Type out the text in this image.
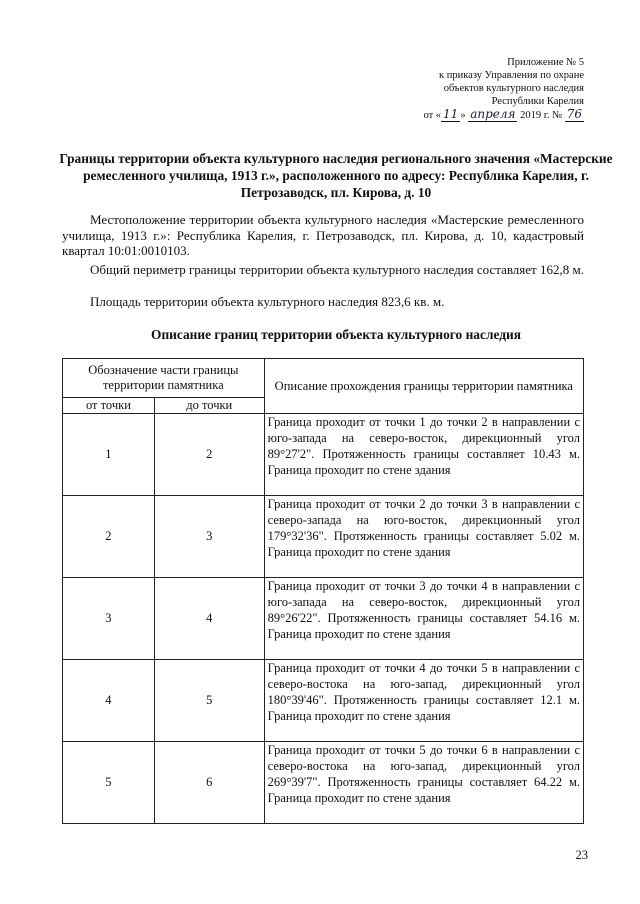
Приложение № 5
к приказу Управления по охране
объектов культурного наследия
Республики Карелия
от « 11 » апреля 2019 г. № 76
Границы территории объекта культурного наследия регионального значения «Мастерские ремесленного училища, 1913 г.», расположенного по адресу: Республика Карелия, г. Петрозаводск, пл. Кирова, д. 10
Местоположение территории объекта культурного наследия «Мастерские ремесленного училища, 1913 г.»: Республика Карелия, г. Петрозаводск, пл. Кирова, д. 10, кадастровый квартал 10:01:0010103.
Общий периметр границы территории объекта культурного наследия составляет 162,8 м.
Площадь территории объекта культурного наследия 823,6 кв. м.
Описание границ территории объекта культурного наследия
Обозначение части границы территории памятника		Описание прохождения границы территории памятника
от точки	до точки	
1	2	Граница проходит от точки 1 до точки 2 в направлении с юго-запада на северо-восток, дирекционный угол 89°27'2". Протяженность границы составляет 10.43 м. Граница проходит по стене здания
2	3	Граница проходит от точки 2 до точки 3 в направлении с северо-запада на юго-восток, дирекционный угол 179°32'36". Протяженность границы составляет 5.02 м. Граница проходит по стене здания
3	4	Граница проходит от точки 3 до точки 4 в направлении с юго-запада на северо-восток, дирекционный угол 89°26'22". Протяженность границы составляет 54.16 м. Граница проходит по стене здания
4	5	Граница проходит от точки 4 до точки 5 в направлении с северо-востока на юго-запад, дирекционный угол 180°39'46". Протяженность границы составляет 12.1 м. Граница проходит по стене здания
5	6	Граница проходит от точки 5 до точки 6 в направлении с северо-востока на юго-запад, дирекционный угол 269°39'7". Протяженность границы составляет 64.22 м. Граница проходит по стене здания
23
